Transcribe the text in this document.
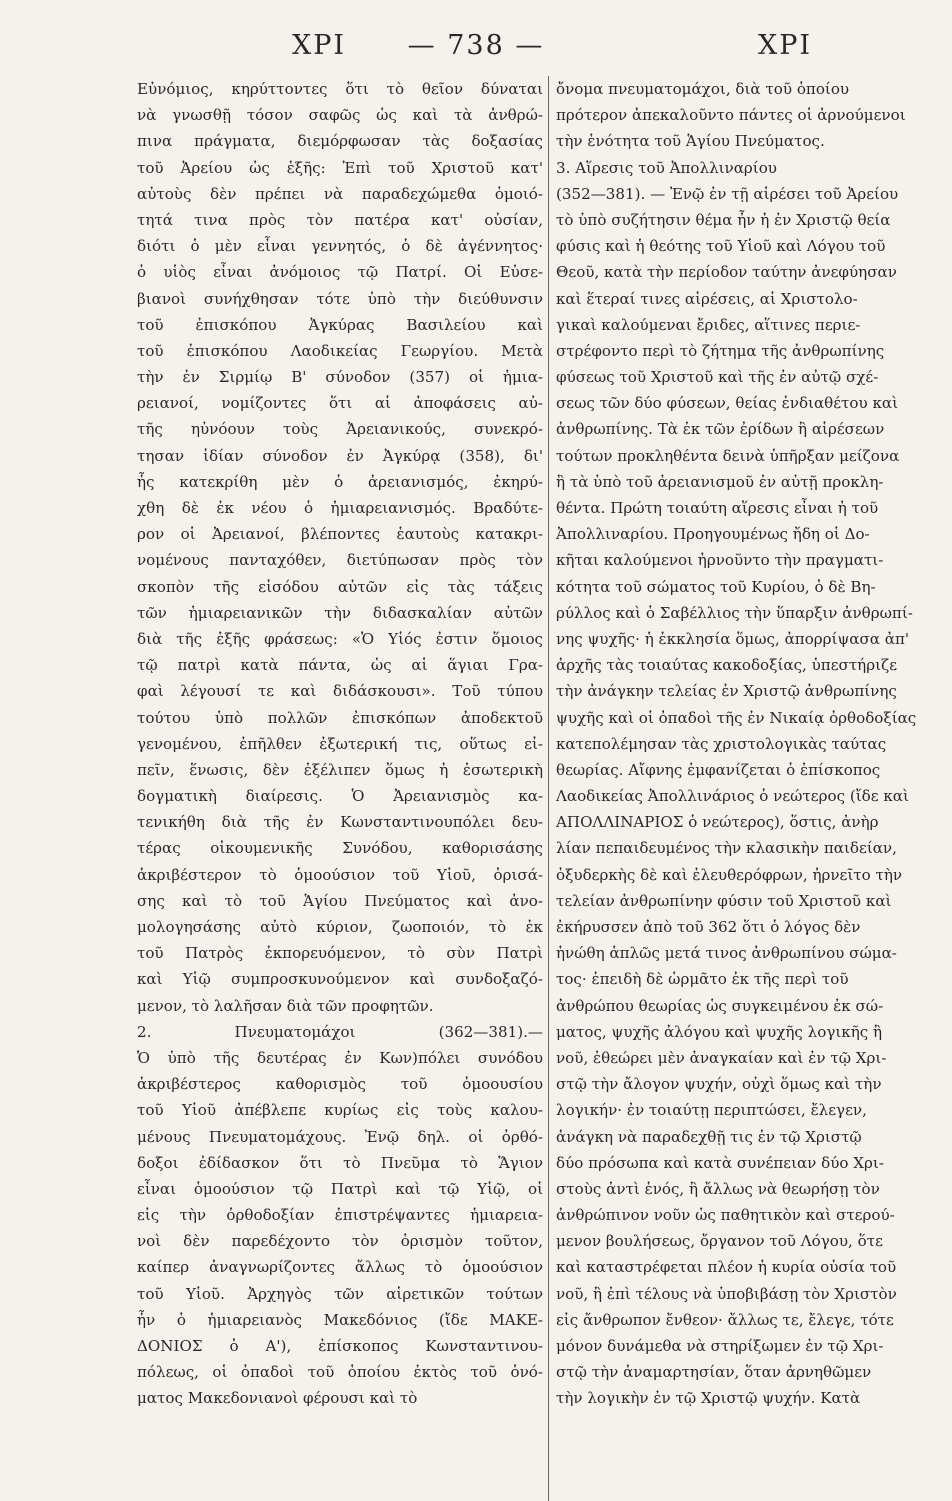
ΧΡΙ — 738 —	ΧΡΙ
Εὐνόμιος, κηρύττοντες ὅτι τὸ θεῖον δύναται
νὰ γνωσθῇ τόσον σαφῶς ὡς καὶ τὰ ἀνθρώ-
πινα πράγματα, διεμόρφωσαν τὰς δοξασίας
τοῦ Ἀρείου ὡς ἑξῆς: Ἐπὶ τοῦ Χριστοῦ κατ'
αὐτοὺς δὲν πρέπει νὰ παραδεχώμεθα ὁμοιό-
τητά τινα πρὸς τὸν πατέρα κατ' οὐσίαν,
διότι ὁ μὲν εἶναι γεννητός, ὁ δὲ ἀγέννητος·
ὁ υἱὸς εἶναι ἀνόμοιος τῷ Πατρί. Οἱ Εὐσε-
βιανοὶ συνήχθησαν τότε ὑπὸ τὴν διεύθυνσιν
τοῦ ἐπισκόπου Ἀγκύρας Βασιλείου καὶ
τοῦ ἐπισκόπου Λαοδικείας Γεωργίου. Μετὰ
τὴν ἐν Σιρμίῳ Β' σύνοδον (357) οἱ ἡμια-
ρειανοί, νομίζοντες ὅτι αἱ ἀποφάσεις αὐ-
τῆς ηὐνόουν τοὺς Ἀρειανικούς, συνεκρό-
τησαν ἰδίαν σύνοδον ἐν Ἀγκύρᾳ (358), δι'
ἧς κατεκρίθη μὲν ὁ ἀρειανισμός, ἐκηρύ-
χθη δὲ ἐκ νέου ὁ ἡμιαρειανισμός. Βραδύτε-
ρον οἱ Ἀρειανοί, βλέποντες ἑαυτοὺς κατακρι-
νομένους πανταχόθεν, διετύπωσαν πρὸς τὸν
σκοπὸν τῆς εἰσόδου αὐτῶν εἰς τὰς τάξεις
τῶν ἡμιαρειανικῶν τὴν διδασκαλίαν αὐτῶν
διὰ τῆς ἑξῆς φράσεως: «Ὁ Υἱός ἐστιν ὅμοιος
τῷ πατρὶ κατὰ πάντα, ὡς αἱ ἅγιαι Γρα-
φαὶ λέγουσί τε καὶ διδάσκουσι». Τοῦ τύπου
τούτου ὑπὸ πολλῶν ἐπισκόπων ἀποδεκτοῦ
γενομένου, ἐπῆλθεν ἐξωτερική τις, οὕτως εἰ-
πεῖν, ἕνωσις, δὲν ἐξέλιπεν ὅμως ἡ ἐσωτερικὴ
δογματικὴ διαίρεσις. Ὁ Ἀρειανισμὸς κα-
τενικήθη διὰ τῆς ἐν Κωνσταντινουπόλει δευ-
τέρας οἰκουμενικῆς Συνόδου, καθορισάσης
ἀκριβέστερον τὸ ὁμοούσιον τοῦ Υἱοῦ, ὁρισά-
σης καὶ τὸ τοῦ Ἁγίου Πνεύματος καὶ ἀνο-
μολογησάσης αὐτὸ κύριον, ζωοποιόν, τὸ ἐκ
τοῦ Πατρὸς ἐκπορευόμενον, τὸ σὺν Πατρὶ
καὶ Υἱῷ συμπροσκυνούμενον καὶ συνδοξαζό-
μενον, τὸ λαλῆσαν διὰ τῶν προφητῶν.
2. Πνευματομάχοι (362—381).—
Ὁ ὑπὸ τῆς δευτέρας ἐν Κων)πόλει συνόδου
ἀκριβέστερος καθορισμὸς τοῦ ὁμοουσίου
τοῦ Υἱοῦ ἀπέβλεπε κυρίως εἰς τοὺς καλου-
μένους Πνευματομάχους. Ἐνῷ δηλ. οἱ ὀρθό-
δοξοι ἐδίδασκον ὅτι τὸ Πνεῦμα τὸ Ἅγιον
εἶναι ὁμοούσιον τῷ Πατρὶ καὶ τῷ Υἱῷ, οἱ
εἰς τὴν ὀρθοδοξίαν ἐπιστρέψαντες ἡμιαρεια-
νοὶ δὲν παρεδέχοντο τὸν ὁρισμὸν τοῦτον,
καίπερ ἀναγνωρίζοντες ἄλλως τὸ ὁμοούσιον
τοῦ Υἱοῦ. Ἀρχηγὸς τῶν αἱρετικῶν τούτων
ἦν ὁ ἡμιαρειανὸς Μακεδόνιος (ἴδε ΜΑΚΕ-
ΔΟΝΙΟΣ ὁ Α'), ἐπίσκοπος Κωνσταντινου-
πόλεως, οἱ ὀπαδοὶ τοῦ ὁποίου ἐκτὸς τοῦ ὀνό-
ματος Μακεδονιανοὶ φέρουσι καὶ τὸ
ὄνομα πνευματομάχοι, διὰ τοῦ ὁποίου
πρότερον ἀπεκαλοῦντο πάντες οἱ ἀρνούμενοι
τὴν ἑνότητα τοῦ Ἁγίου Πνεύματος.
3. Αἵρεσις τοῦ Ἀπολλιναρίου
(352—381). — Ἐνῷ ἐν τῇ αἱρέσει τοῦ Ἀρείου
τὸ ὑπὸ συζήτησιν θέμα ἦν ἡ ἐν Χριστῷ θεία
φύσις καὶ ἡ θεότης τοῦ Υἱοῦ καὶ Λόγου τοῦ
Θεοῦ, κατὰ τὴν περίοδον ταύτην ἀνεφύησαν
καὶ ἕτεραί τινες αἱρέσεις, αἱ Χριστολο-
γικαὶ καλούμεναι ἔριδες, αἵτινες περιε-
στρέφοντο περὶ τὸ ζήτημα τῆς ἀνθρωπίνης
φύσεως τοῦ Χριστοῦ καὶ τῆς ἐν αὐτῷ σχέ-
σεως τῶν δύο φύσεων, θείας ἐνδιαθέτου καὶ
ἀνθρωπίνης. Τὰ ἐκ τῶν ἐρίδων ἢ αἱρέσεων
τούτων προκληθέντα δεινὰ ὑπῆρξαν μείζονα
ἢ τὰ ὑπὸ τοῦ ἀρειανισμοῦ ἐν αὐτῇ προκλη-
θέντα. Πρώτη τοιαύτη αἵρεσις εἶναι ἡ τοῦ
Ἀπολλιναρίου. Προηγουμένως ἤδη οἱ Δο-
κῆται καλούμενοι ἠρνοῦντο τὴν πραγματι-
κότητα τοῦ σώματος τοῦ Κυρίου, ὁ δὲ Βη-
ρύλλος καὶ ὁ Σαβέλλιος τὴν ὕπαρξιν ἀνθρωπί-
νης ψυχῆς· ἡ ἐκκλησία ὅμως, ἀπορρίψασα ἀπ'
ἀρχῆς τὰς τοιαύτας κακοδοξίας, ὑπεστήριζε
τὴν ἀνάγκην τελείας ἐν Χριστῷ ἀνθρωπίνης
ψυχῆς καὶ οἱ ὀπαδοὶ τῆς ἐν Νικαίᾳ ὀρθοδοξίας
κατεπολέμησαν τὰς χριστολογικὰς ταύτας
θεωρίας. Αἴφνης ἐμφανίζεται ὁ ἐπίσκοπος
Λαοδικείας Ἀπολλινάριος ὁ νεώτερος (ἴδε καὶ
ΑΠΟΛΛΙΝΑΡΙΟΣ ὁ νεώτερος), ὅστις, ἀνὴρ
λίαν πεπαιδευμένος τὴν κλασικὴν παιδείαν,
ὀξυδερκὴς δὲ καὶ ἐλευθερόφρων, ἠρνεῖτο τὴν
τελείαν ἀνθρωπίνην φύσιν τοῦ Χριστοῦ καὶ
ἐκήρυσσεν ἀπὸ τοῦ 362 ὅτι ὁ λόγος δὲν
ἡνώθη ἁπλῶς μετά τινος ἀνθρωπίνου σώμα-
τος· ἐπειδὴ δὲ ὡρμᾶτο ἐκ τῆς περὶ τοῦ
ἀνθρώπου θεωρίας ὡς συγκειμένου ἐκ σώ-
ματος, ψυχῆς ἀλόγου καὶ ψυχῆς λογικῆς ἢ
νοῦ, ἐθεώρει μὲν ἀναγκαίαν καὶ ἐν τῷ Χρι-
στῷ τὴν ἄλογον ψυχήν, οὐχὶ ὅμως καὶ τὴν
λογικήν· ἐν τοιαύτῃ περιπτώσει, ἔλεγεν,
ἀνάγκη νὰ παραδεχθῇ τις ἐν τῷ Χριστῷ
δύο πρόσωπα καὶ κατὰ συνέπειαν δύο Χρι-
στοὺς ἀντὶ ἑνός, ἢ ἄλλως νὰ θεωρήσῃ τὸν
ἀνθρώπινον νοῦν ὡς παθητικὸν καὶ στερού-
μενον βουλήσεως, ὄργανον τοῦ Λόγου, ὅτε
καὶ καταστρέφεται πλέον ἡ κυρία οὐσία τοῦ
νοῦ, ἢ ἐπὶ τέλους νὰ ὑποβιβάσῃ τὸν Χριστὸν
εἰς ἄνθρωπον ἔνθεον· ἄλλως τε, ἔλεγε, τότε
μόνον δυνάμεθα νὰ στηρίξωμεν ἐν τῷ Χρι-
στῷ τὴν ἀναμαρτησίαν, ὅταν ἀρνηθῶμεν
τὴν λογικὴν ἐν τῷ Χριστῷ ψυχήν. Κατὰ
